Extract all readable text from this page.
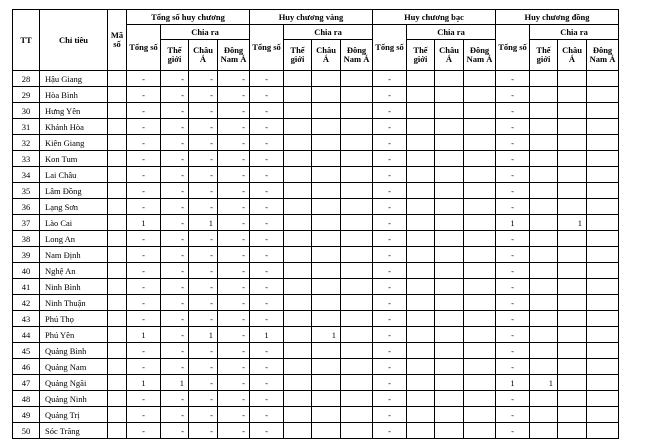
TT	Chỉ tiêu	Mã số	Tổng số huy chương				Huy chương vàng				Huy chương bạc				Huy chương đồng			
			Tổng số	Chia ra			Tổng số	Chia ra			Tổng số	Chia ra			Tổng số	Chia ra		
				Thế giới	Châu Á	Đông Nam Á		Thế giới	Châu Á	Đông Nam Á		Thế giới	Châu Á	Đông Nam Á		Thế giới	Châu Á	Đông Nam Á
28	Hậu Giang		-	-	-	-	-				-				-			
29	Hòa Bình		-	-	-	-	-				-				-			
30	Hưng Yên		-	-	-	-	-				-				-			
31	Khánh Hòa		-	-	-	-	-				-				-			
32	Kiên Giang		-	-	-	-	-				-				-			
33	Kon Tum		-	-	-	-	-				-				-			
34	Lai Châu		-	-	-	-	-				-				-			
35	Lâm Đồng		-	-	-	-	-				-				-			
36	Lạng Sơn		-	-	-	-	-				-				-			
37	Lào Cai		1	-	1	-	-				-				1		1	
38	Long An		-	-	-	-	-				-				-			
39	Nam Định		-	-	-	-	-				-				-			
40	Nghệ An		-	-	-	-	-				-				-			
41	Ninh Bình		-	-	-	-	-				-				-			
42	Ninh Thuận		-	-	-	-	-				-				-			
43	Phú Thọ		-	-	-	-	-				-				-			
44	Phú Yên		1	-	1	-	1		1		-				-			
45	Quảng Bình		-	-	-	-	-				-				-			
46	Quảng Nam		-	-	-	-	-				-				-			
47	Quảng Ngãi		1	1	-	-	-				-				1	1		
48	Quảng Ninh		-	-	-	-	-				-				-			
49	Quảng Trị		-	-	-	-	-				-				-			
50	Sóc Trăng		-	-	-	-	-				-				-			
